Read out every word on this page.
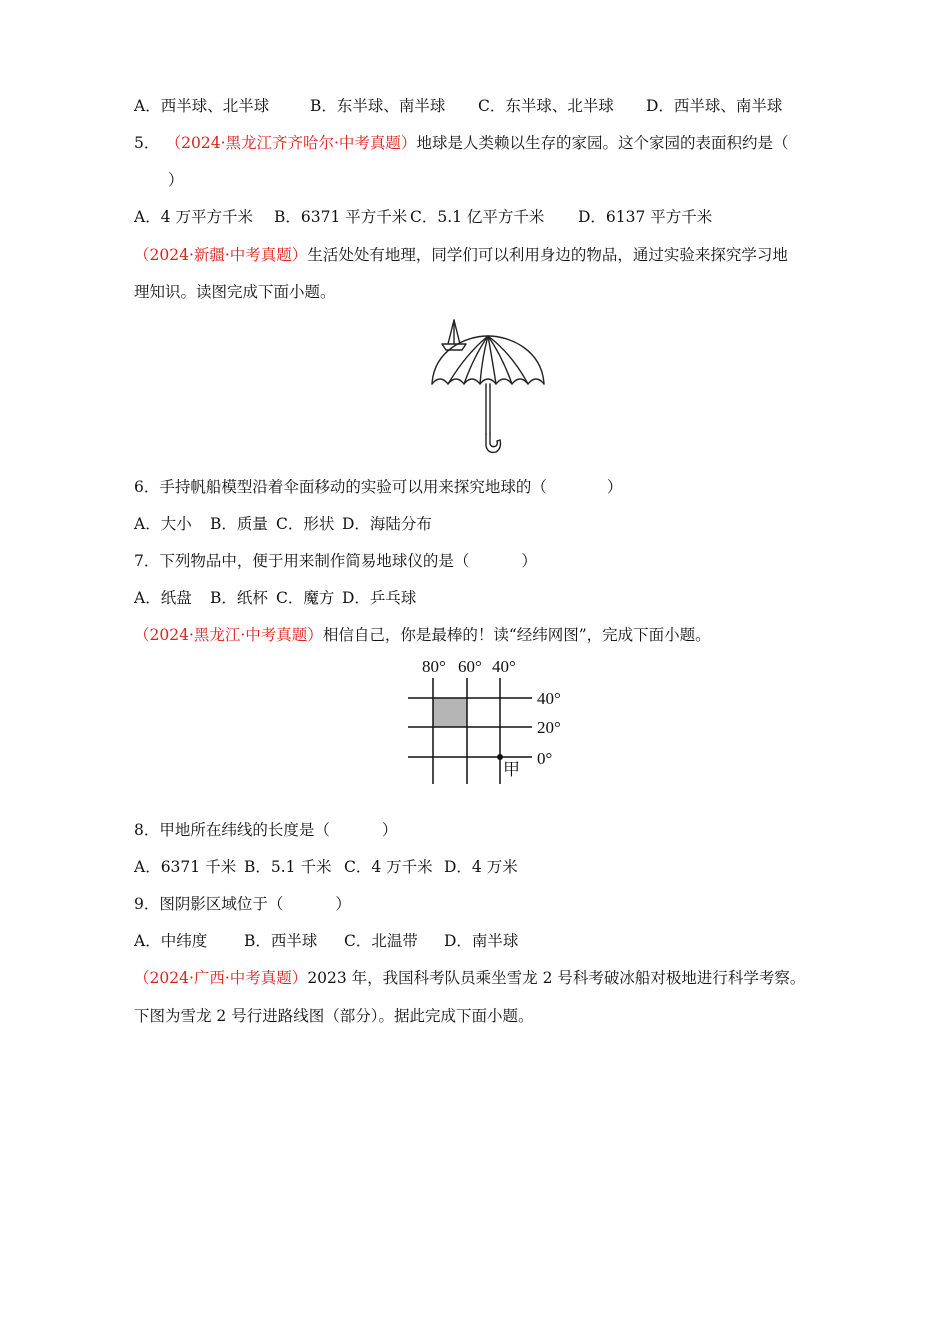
A．西半球、北半球	B．东半球、南半球 C．东半球、北半球 D．西半球、南半球
5． （2024·黑龙江齐齐哈尔·中考真题）地球是人类赖以生存的家园。这个家园的表面积约是（
）
A．4 万平方千米 B．6371 平方千米 C．5.1 亿平方千米 D．6137 平方千米
（2024·新疆·中考真题）生活处处有地理，同学们可以利用身边的物品，通过实验来探究学习地
理知识。读图完成下面小题。
6．手持帆船模型沿着伞面移动的实验可以用来探究地球的（	）
A．大小 B．质量 C．形状 D．海陆分布
7．下列物品中，便于用来制作简易地球仪的是（	）
A．纸盘 B．纸杯 C．魔方 D．乒乓球
（2024·黑龙江·中考真题）相信自己，你是最棒的！读“经纬网图”，完成下面小题。
80° 60° 40°
40°
20°
0°
甲
8．甲地所在纬线的长度是（	）
A．6371 千米 B．5.1 千米 C．4 万千米 D．4 万米
9．图阴影区域位于（	）
A．中纬度 B．西半球 C．北温带 D．南半球
（2024·广西·中考真题）2023 年，我国科考队员乘坐雪龙 2 号科考破冰船对极地进行科学考察。
下图为雪龙 2 号行进路线图（部分）。据此完成下面小题。
